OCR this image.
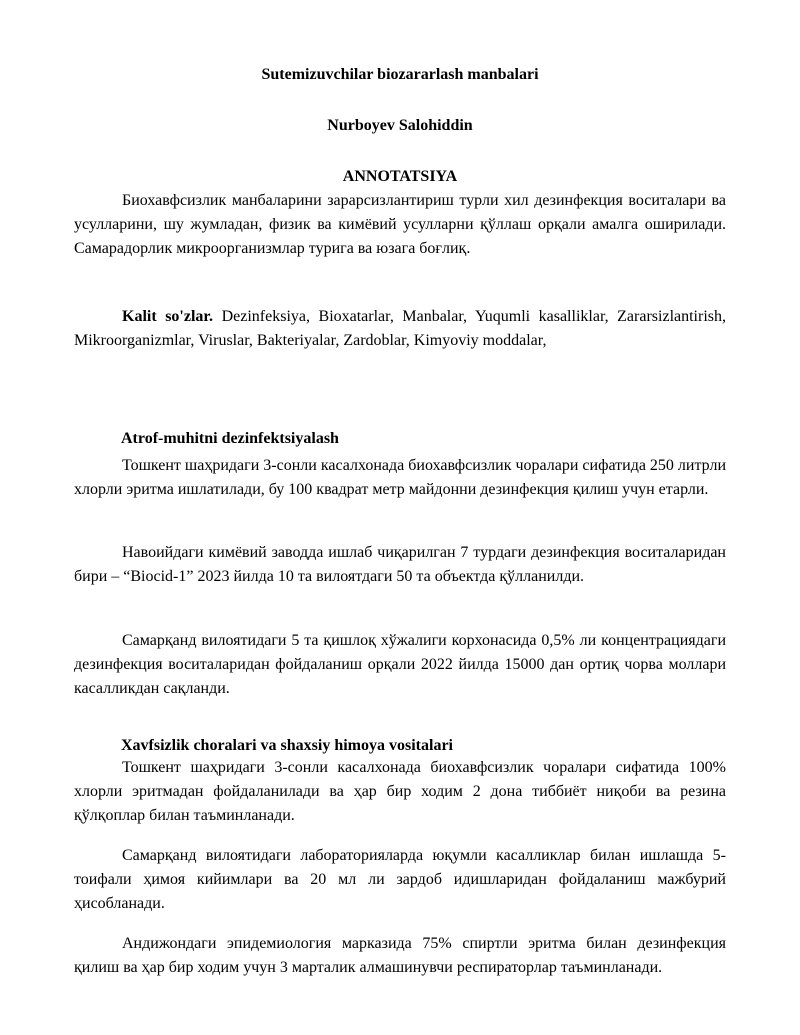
Sutemizuvchilar biozararlash manbalari
Nurboyev Salohiddin
ANNOTATSIYA

Биохавфсизлик манбаларини зарарсизлантириш турли хил дезинфекция воситалари ва усулларини, шу жумладан, физик ва кимёвий усулларни қўллаш орқали амалга оширилади. Самарадорлик микроорганизмлар турига ва юзага боғлиқ.

Kalit so'zlar. Dezinfeksiya, Bioxatarlar, Manbalar, Yuqumli kasalliklar, Zararsizlantirish, Mikroorganizmlar, Viruslar, Bakteriyalar, Zardoblar, Kimyoviy moddalar,

Atrof-muhitni dezinfektsiyalash

Тошкент шаҳридаги 3-сонли касалхонада биохавфсизлик чоралари сифатида 250 литрли хлорли эритма ишлатилади, бу 100 квадрат метр майдонни дезинфекция қилиш учун етарли.

Навоийдаги кимёвий заводда ишлаб чиқарилган 7 турдаги дезинфекция воситаларидан бири – “Biocid-1” 2023 йилда 10 та вилоятдаги 50 та объектда қўлланилди.

Самарқанд вилоятидаги 5 та қишлоқ хўжалиги корхонасида 0,5% ли концентрациядаги дезинфекция воситаларидан фойдаланиш орқали 2022 йилда 15000 дан ортиқ чорва моллари касалликдан сақланди.

Xavfsizlik choralari va shaxsiy himoya vositalari

Тошкент шаҳридаги 3-сонли касалхонада биохавфсизлик чоралари сифатида 100% хлорли эритмадан фойдаланилади ва ҳар бир ходим 2 дона тиббиёт ниқоби ва резина қўлқоплар билан таъминланади.

Самарқанд вилоятидаги лабораторияларда юқумли касалликлар билан ишлашда 5-тоифали ҳимоя кийимлари ва 20 мл ли зардоб идишларидан фойдаланиш мажбурий ҳисобланади.

Андижондаги эпидемиология марказида 75% спиртли эритма билан дезинфекция қилиш ва ҳар бир ходим учун 3 марталик алмашинувчи респираторлар таъминланади.
